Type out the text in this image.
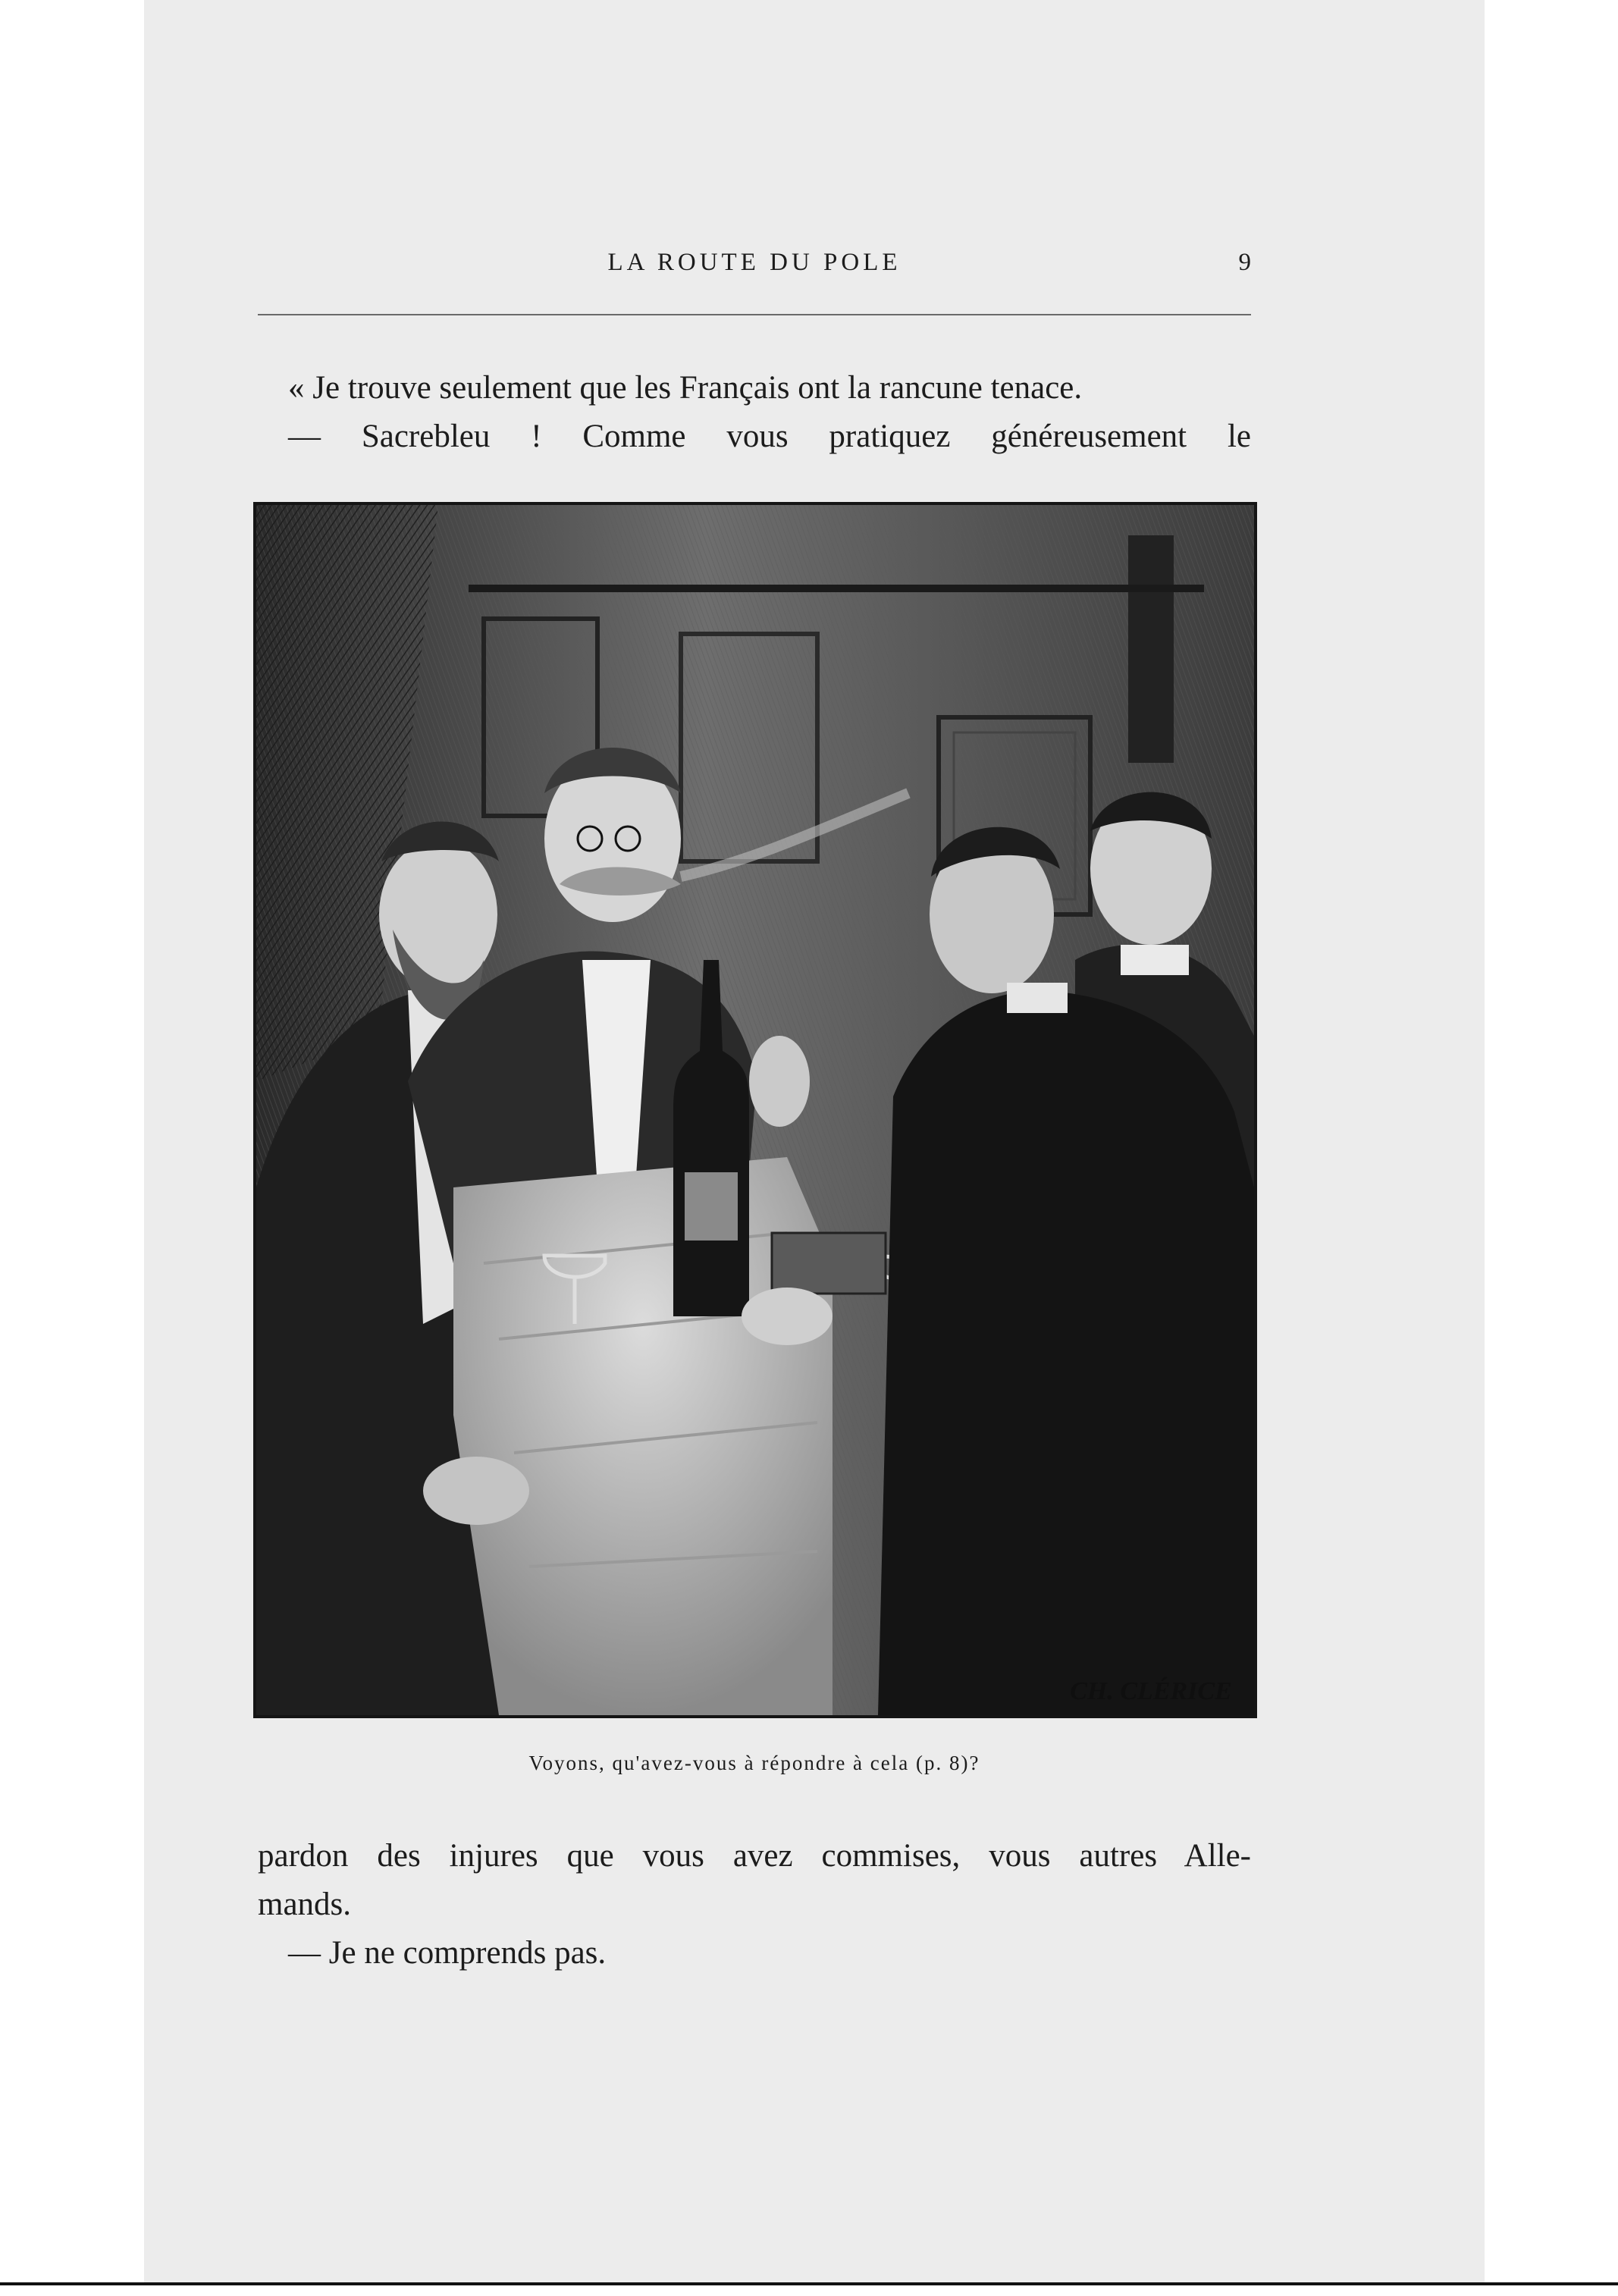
LA ROUTE DU POLE	9
« Je trouve seulement que les Français ont la rancune tenace.
— Sacrebleu ! Comme vous pratiquez généreusement le
CH. CLÉRICE
Voyons, qu'avez-vous à répondre à cela (p. 8)?
pardon des injures que vous avez commises, vous autres Alle-
mands.
— Je ne comprends pas.
